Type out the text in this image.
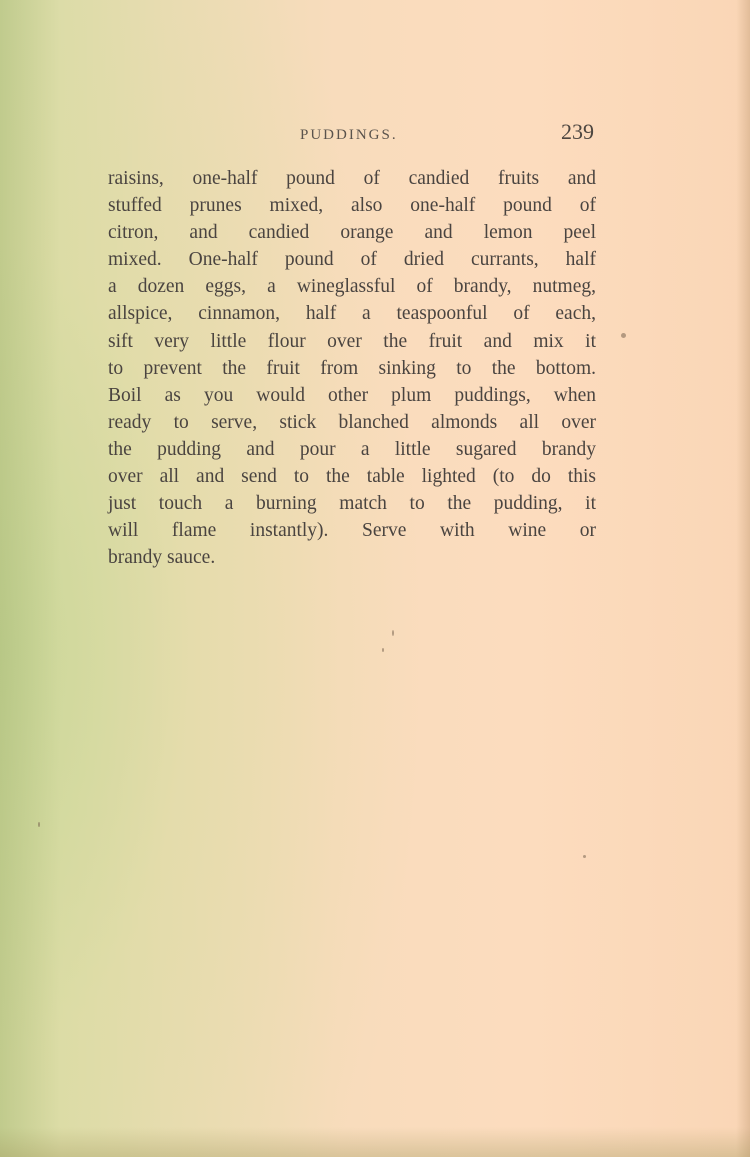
PUDDINGS.	239
raisins, one-half pound of candied fruits and
stuffed prunes mixed, also one-half pound of
citron, and candied orange and lemon peel
mixed. One-half pound of dried currants, half
a dozen eggs, a wineglassful of brandy, nutmeg,
allspice, cinnamon, half a teaspoonful of each,
sift very little flour over the fruit and mix it
to prevent the fruit from sinking to the bottom.
Boil as you would other plum puddings, when
ready to serve, stick blanched almonds all over
the pudding and pour a little sugared brandy
over all and send to the table lighted (to do this
just touch a burning match to the pudding, it
will flame instantly). Serve with wine or
brandy sauce.
